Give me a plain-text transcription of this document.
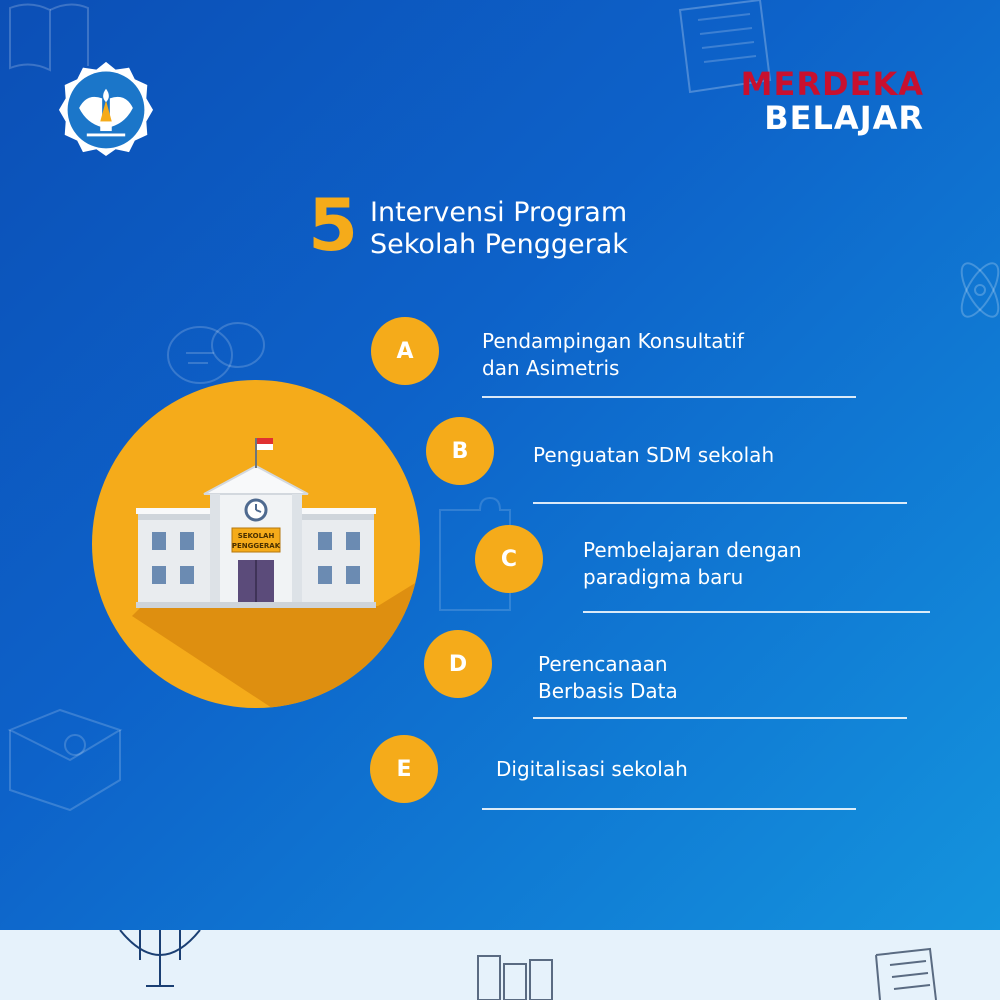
MERDEKA
BELAJAR
5 Intervensi Program
Sekolah Penggerak
SEKOLAH
PENGGERAK
A	Pendampingan Konsultatif
dan Asimetris
B	Penguatan SDM sekolah
C	Pembelajaran dengan
paradigma baru
D	Perencanaan
Berbasis Data
E	Digitalisasi sekolah
